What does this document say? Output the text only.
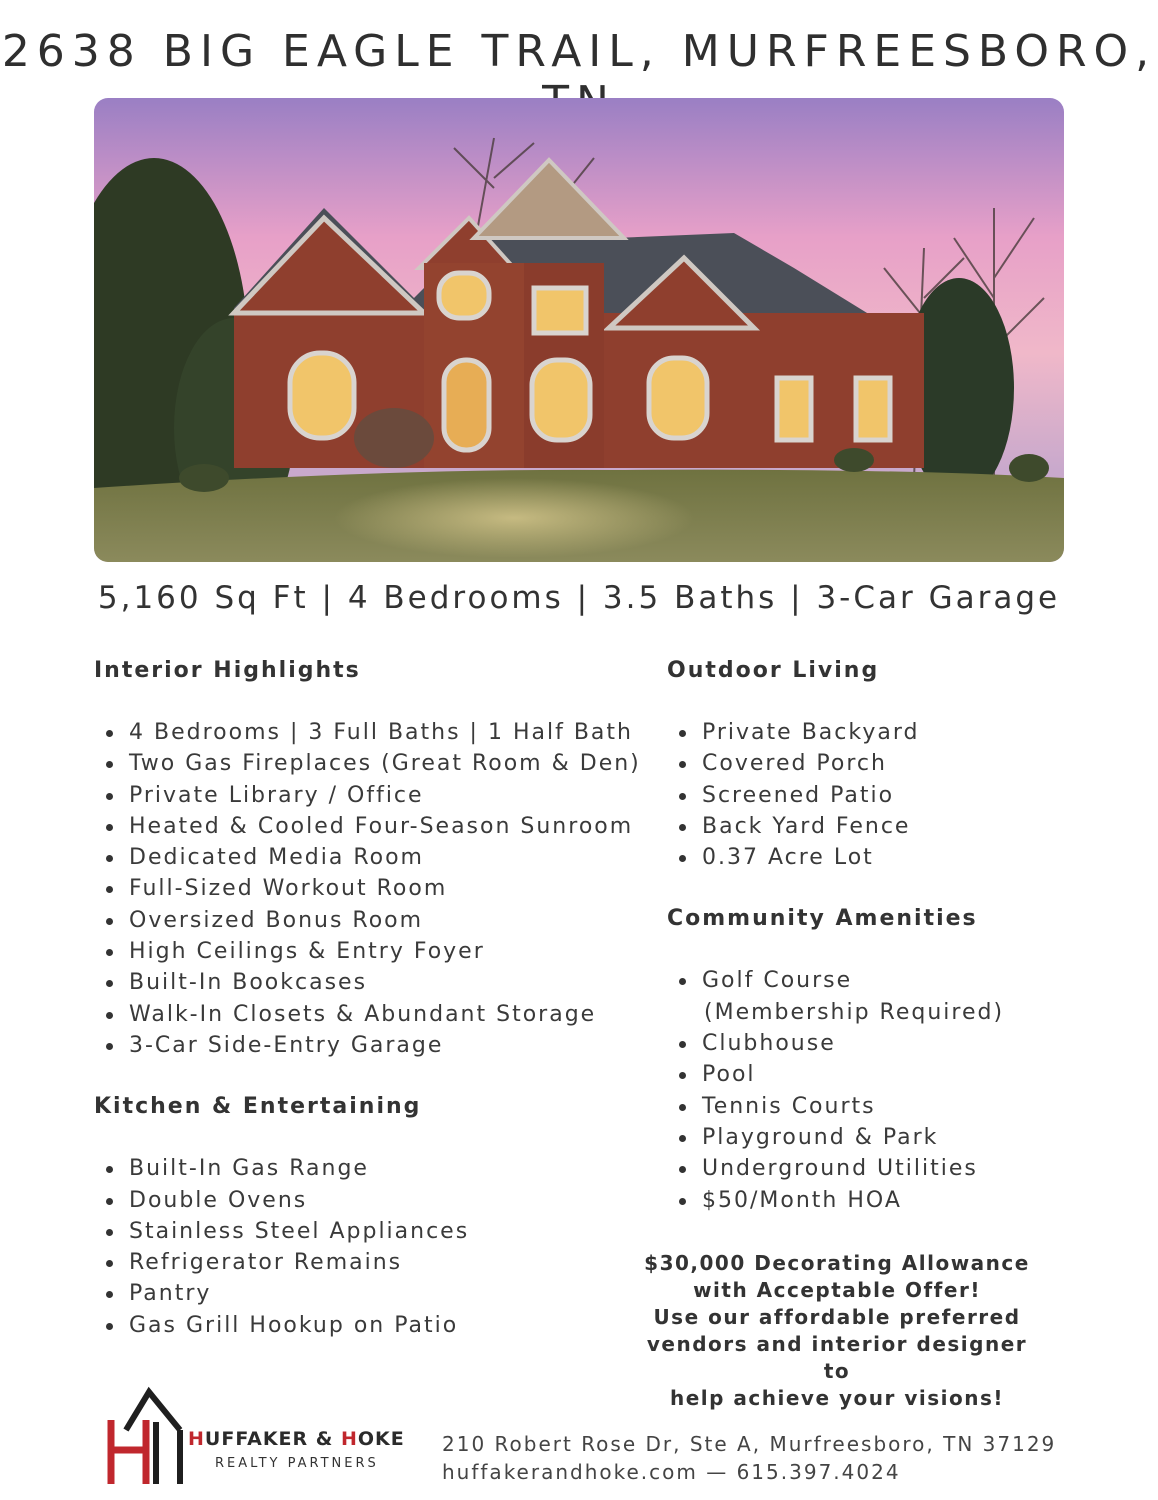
2638 BIG EAGLE TRAIL, MURFREESBORO,
5,160 Sq Ft | 4 Bedrooms | 3.5 Baths | 3-Car Garage
Interior Highlights
4 Bedrooms | 3 Full Baths | 1 Half Bath
Two Gas Fireplaces (Great Room & Den)
Private Library / Office
Heated & Cooled Four-Season Sunroom
Dedicated Media Room
Full-Sized Workout Room
Oversized Bonus Room
High Ceilings & Entry Foyer
Built-In Bookcases
Walk-In Closets & Abundant Storage
3-Car Side-Entry Garage
Kitchen & Entertaining
Built-In Gas Range
Double Ovens
Stainless Steel Appliances
Refrigerator Remains
Pantry
Gas Grill Hookup on Patio
Outdoor Living
Private Backyard
Covered Porch
Screened Patio
Back Yard Fence
0.37 Acre Lot
Community Amenities
Golf Course
(Membership Required)
Clubhouse
Pool
Tennis Courts
Playground & Park
Underground Utilities
$50/Month HOA
$30,000 Decorating Allowance
with Acceptable Offer!
Use our affordable preferred
vendors and interior designer to
help achieve your visions!
HUFFAKER & HOKE
REALTY PARTNERS
210 Robert Rose Dr, Ste A, Murfreesboro, TN 37129
huffakerandhoke.com — 615.397.4024
